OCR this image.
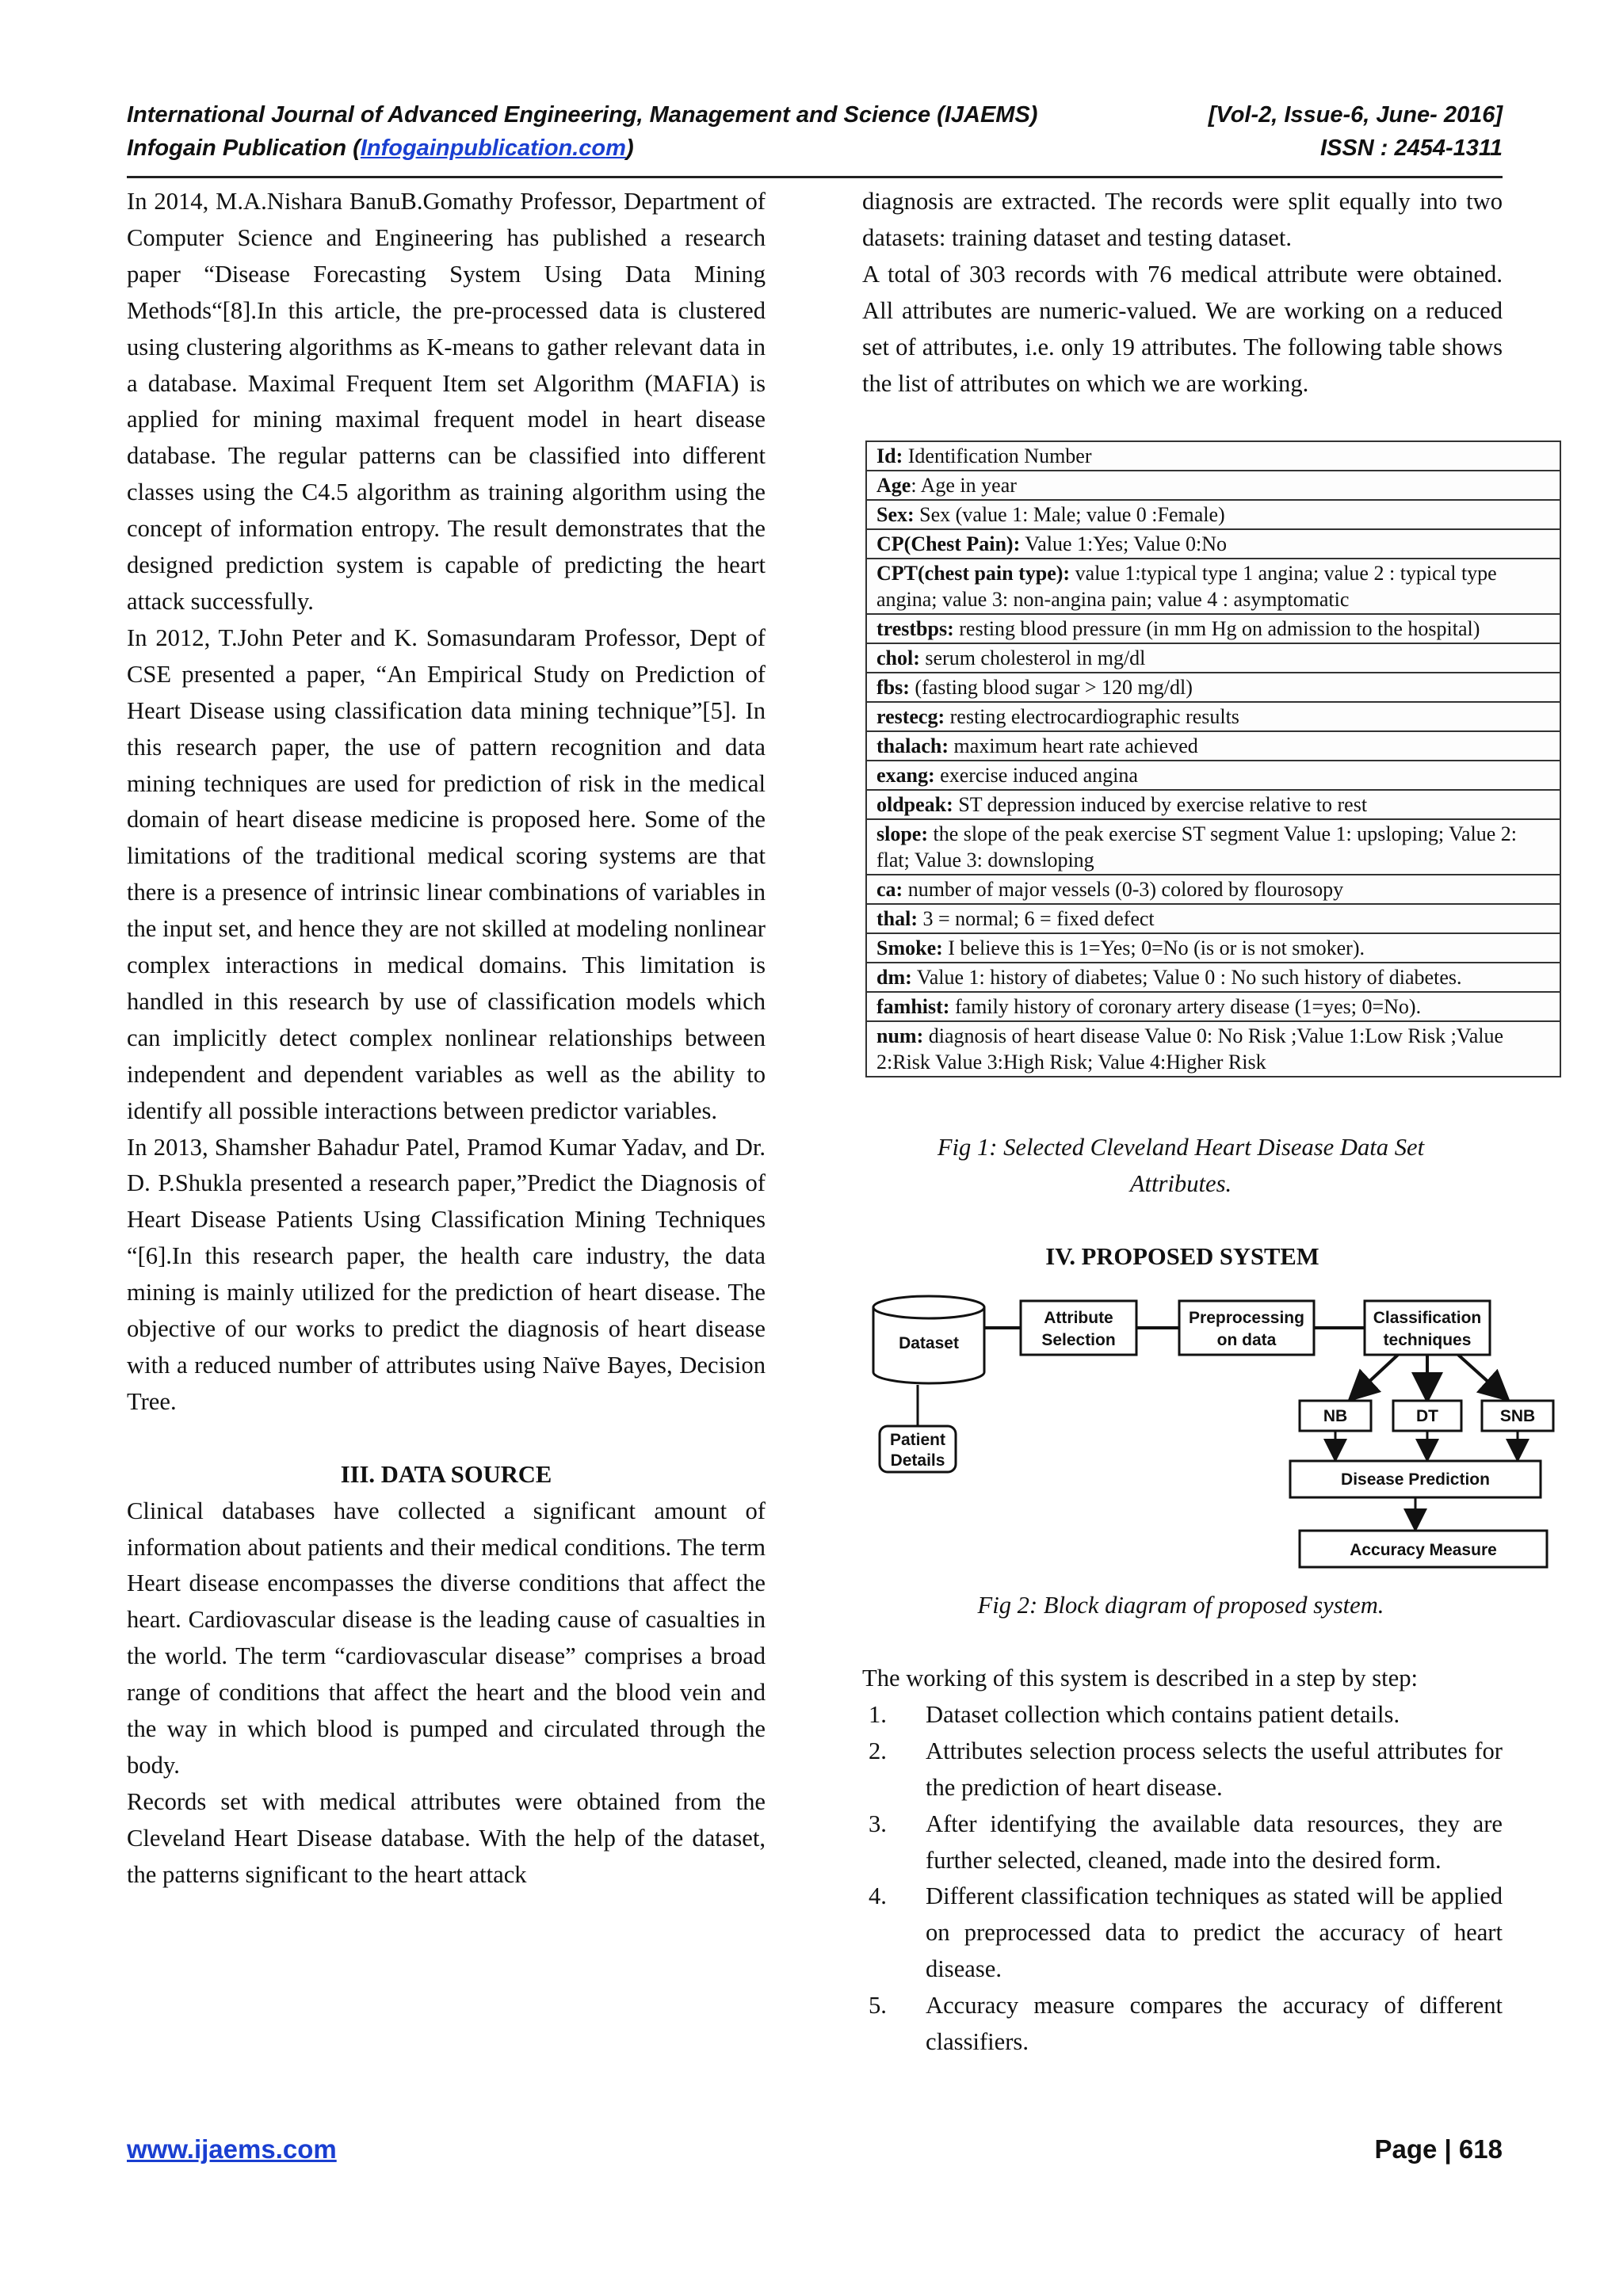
International Journal of Advanced Engineering, Management and Science (IJAEMS)	[Vol-2, Issue-6, June- 2016]
Infogain Publication (Infogainpublication.com)	ISSN : 2454-1311

In 2014, M.A.Nishara BanuB.Gomathy Professor, Department of Computer Science and Engineering has published a research paper “Disease Forecasting System Using Data Mining Methods“[8].In this article, the pre-processed data is clustered using clustering algorithms as K-means to gather relevant data in a database. Maximal Frequent Item set Algorithm (MAFIA) is applied for mining maximal frequent model in heart disease database. The regular patterns can be classified into different classes using the C4.5 algorithm as training algorithm using the concept of information entropy. The result demonstrates that the designed prediction system is capable of predicting the heart attack successfully.

In 2012, T.John Peter and K. Somasundaram Professor, Dept of CSE presented a paper, “An Empirical Study on Prediction of Heart Disease using classification data mining technique”[5]. In this research paper, the use of pattern recognition and data mining techniques are used for prediction of risk in the medical domain of heart disease medicine is proposed here. Some of the limitations of the traditional medical scoring systems are that there is a presence of intrinsic linear combinations of variables in the input set, and hence they are not skilled at modeling nonlinear complex interactions in medical domains. This limitation is handled in this research by use of classification models which can implicitly detect complex nonlinear relationships between independent and dependent variables as well as the ability to identify all possible interactions between predictor variables.

In 2013, Shamsher Bahadur Patel, Pramod Kumar Yadav, and Dr. D. P.Shukla presented a research paper,”Predict the Diagnosis of Heart Disease Patients Using Classification Mining Techniques “[6].In this research paper, the health care industry, the data mining is mainly utilized for the prediction of heart disease. The objective of our works to predict the diagnosis of heart disease with a reduced number of attributes using Naïve Bayes, Decision Tree.

III. DATA SOURCE

Clinical databases have collected a significant amount of information about patients and their medical conditions. The term Heart disease encompasses the diverse conditions that affect the heart. Cardiovascular disease is the leading cause of casualties in the world. The term “cardiovascular disease” comprises a broad range of conditions that affect the heart and the blood vein and the way in which blood is pumped and circulated through the body.

Records set with medical attributes were obtained from the Cleveland Heart Disease database. With the help of the dataset, the patterns significant to the heart attack

diagnosis are extracted. The records were split equally into two datasets: training dataset and testing dataset.

A total of 303 records with 76 medical attribute were obtained. All attributes are numeric-valued. We are working on a reduced set of attributes, i.e. only 19 attributes. The following table shows the list of attributes on which we are working.

Id: Identification Number
Age: Age in year
Sex: Sex (value 1: Male; value 0 :Female)
CP(Chest Pain): Value 1:Yes; Value 0:No
CPT(chest pain type): value 1:typical type 1 angina; value 2 : typical type angina; value 3: non-angina pain; value 4 : asymptomatic
trestbps: resting blood pressure (in mm Hg on admission to the hospital)
chol: serum cholesterol in mg/dl
fbs: (fasting blood sugar > 120 mg/dl)
restecg: resting electrocardiographic results
thalach: maximum heart rate achieved
exang: exercise induced angina
oldpeak: ST depression induced by exercise relative to rest
slope: the slope of the peak exercise ST segment Value 1: upsloping; Value 2: flat; Value 3: downsloping
ca: number of major vessels (0-3) colored by flourosopy
thal: 3 = normal; 6 = fixed defect
Smoke: I believe this is 1=Yes; 0=No (is or is not smoker).
dm: Value 1: history of diabetes; Value 0 : No such history of diabetes.
famhist: family history of coronary artery disease (1=yes; 0=No).
num: diagnosis of heart disease Value 0: No Risk ;Value 1:Low Risk ;Value 2:Risk Value 3:High Risk; Value 4:Higher Risk
Fig 1: Selected Cleveland Heart Disease Data Set Attributes.

IV. PROPOSED SYSTEM

Dataset
Patient
Details
Attribute
Selection
Preprocessing
on data
Classification
techniques
NB	DT	SNB
Disease Prediction
Accuracy Measure
Fig 2: Block diagram of proposed system.

The working of this system is described in a step by step:

1.	Dataset collection which contains patient details.
2.	Attributes selection process selects the useful attributes for the prediction of heart disease.
3.	After identifying the available data resources, they are further selected, cleaned, made into the desired form.
4.	Different classification techniques as stated will be applied on preprocessed data to predict the accuracy of heart disease.
5.	Accuracy measure compares the accuracy of different classifiers.
www.ijaems.com	Page | 618
